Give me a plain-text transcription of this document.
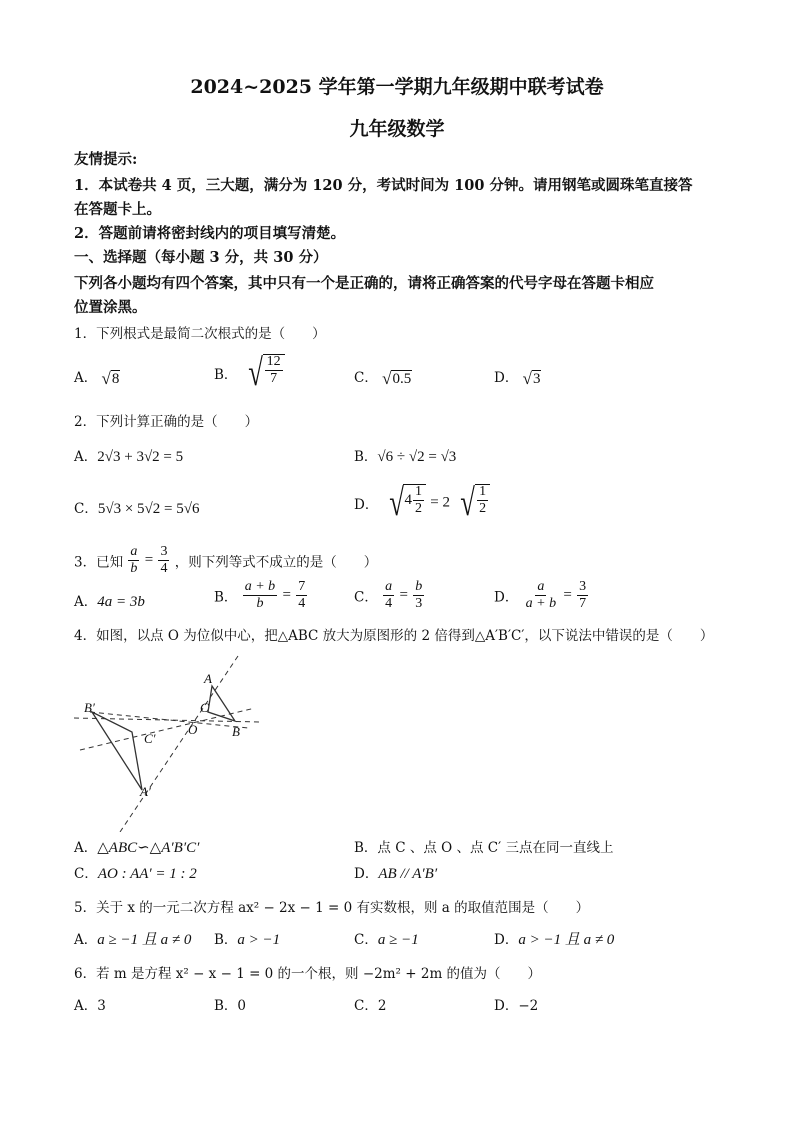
2024~2025 学年第一学期九年级期中联考试卷
九年级数学
友情提示:
1．本试卷共 4 页，三大题，满分为 120 分，考试时间为 100 分钟。请用钢笔或圆珠笔直接答
在答题卡上。
2．答题前请将密封线内的项目填写清楚。
一、选择题（每小题 3 分，共 30 分）
下列各小题均有四个答案，其中只有一个是正确的，请将正确答案的代号字母在答题卡相应
位置涂黑。
1．下列根式是最简二次根式的是（　　）
A． √ 8	B． √ $\frac{12}{7}$	C． √ 0.5	D． √ 3
2．下列计算正确的是（　　）
A．2√3 + 3√2 = 5	B．√6 ÷ √2 = √3
C．5√3 × 5√2 = 5√6	D． √ $4 \frac{1}{2} = 2$ √ $\frac{1}{2}$
3．已知 $\frac{a}{b} = \frac{3}{4}$ ，则下列等式不成立的是（　　）
A．4a = 3b	B． $\frac{a + b}{b} = \frac{7}{4}$	C． $\frac{a}{4} = \frac{b}{3}$	D． $\frac{a}{a + b} = \frac{3}{7}$
4．如图，以点 O 为位似中心，把△ABC 放大为原图形的 2 倍得到△A′B′C′，以下说法中错误的是（　　）
A
B
C
O
A′
B′
C′
A．△ABC∽△A′B′C′	B．点 C 、点 O 、点 C′ 三点在同一直线上
C．AO : AA′ = 1 : 2	D．AB // A′B′
5．关于 x 的一元二次方程 ax² − 2x − 1 = 0 有实数根，则 a 的取值范围是（　　）
A．a ≥ −1 且 a ≠ 0 B．a > −1	C．a ≥ −1	D．a > −1 且 a ≠ 0
6．若 m 是方程 x² − x − 1 = 0 的一个根，则 −2m² + 2m 的值为（　　）
A．3	B．0	C．2	D．−2
